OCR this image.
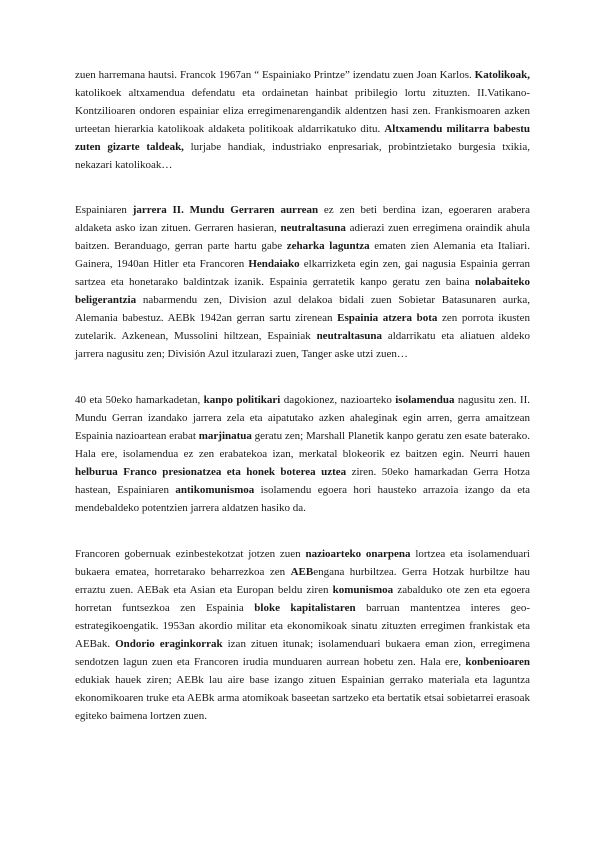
zuen harremana hautsi. Francok 1967an “ Espainiako Printze” izendatu zuen Joan Karlos. Katolikoak, katolikoek altxamendua defendatu eta ordainetan hainbat pribilegio lortu zituzten. II.Vatikano-Kontzilioaren ondoren espainiar eliza erregimenarengandik aldentzen hasi zen. Frankismoaren azken urteetan hierarkia katolikoak aldaketa politikoak aldarrikatuko ditu. Altxamendu militarra babestu zuten gizarte taldeak, lurjabe handiak, industriako enpresariak, probintzietako burgesia txikia, nekazari katolikoak…

Espainiaren jarrera II. Mundu Gerraren aurrean ez zen beti berdina izan, egoeraren arabera aldaketa asko izan zituen. Gerraren hasieran, neutraltasuna adierazi zuen erregimena oraindik ahula baitzen. Beranduago, gerran parte hartu gabe zeharka laguntza ematen zien Alemania eta Italiari. Gainera, 1940an Hitler eta Francoren Hendaiako elkarrizketa egin zen, gai nagusia Espainia gerran sartzea eta honetarako baldintzak izanik. Espainia gerratetik kanpo geratu zen baina nolabaiteko beligerantzia nabarmendu zen, Division azul delakoa bidali zuen Sobietar Batasunaren aurka, Alemania babestuz. AEBk 1942an gerran sartu zirenean Espainia atzera bota zen porrota ikusten zutelarik. Azkenean, Mussolini hiltzean, Espainiak neutraltasuna aldarrikatu eta aliatuen aldeko jarrera nagusitu zen; División Azul itzularazi zuen, Tanger aske utzi zuen…

40 eta 50eko hamarkadetan, kanpo politikari dagokionez, nazioarteko isolamendua nagusitu zen. II. Mundu Gerran izandako jarrera zela eta aipatutako azken ahaleginak egin arren, gerra amaitzean Espainia nazioartean erabat marjinatua geratu zen; Marshall Planetik kanpo geratu zen esate baterako. Hala ere, isolamendua ez zen erabatekoa izan, merkatal blokeorik ez baitzen egin. Neurri hauen helburua Franco presionatzea eta honek boterea uztea ziren. 50eko hamarkadan Gerra Hotza hastean, Espainiaren antikomunismoa isolamendu egoera hori hausteko arrazoia izango da eta mendebaldeko potentzien jarrera aldatzen hasiko da.

Francoren gobernuak ezinbestekotzat jotzen zuen nazioarteko onarpena lortzea eta isolamenduari bukaera ematea, horretarako beharrezkoa zen AEBengana hurbiltzea. Gerra Hotzak hurbiltze hau erraztu zuen. AEBak eta Asian eta Europan beldu ziren komunismoa zabalduko ote zen eta egoera horretan funtsezkoa zen Espainia bloke kapitalistaren barruan mantentzea interes geo-estrategikoengatik. 1953an akordio militar eta ekonomikoak sinatu zituzten erregimen frankistak eta AEBak. Ondorio eraginkorrak izan zituen itunak; isolamenduari bukaera eman zion, erregimena sendotzen lagun zuen eta Francoren irudia munduaren aurrean hobetu zen. Hala ere, konbenioaren edukiak hauek ziren; AEBk lau aire base izango zituen Espainian gerrako materiala eta laguntza ekonomikoaren truke eta AEBk arma atomikoak baseetan sartzeko eta bertatik etsai sobietarrei erasoak egiteko baimena lortzen zuen.
